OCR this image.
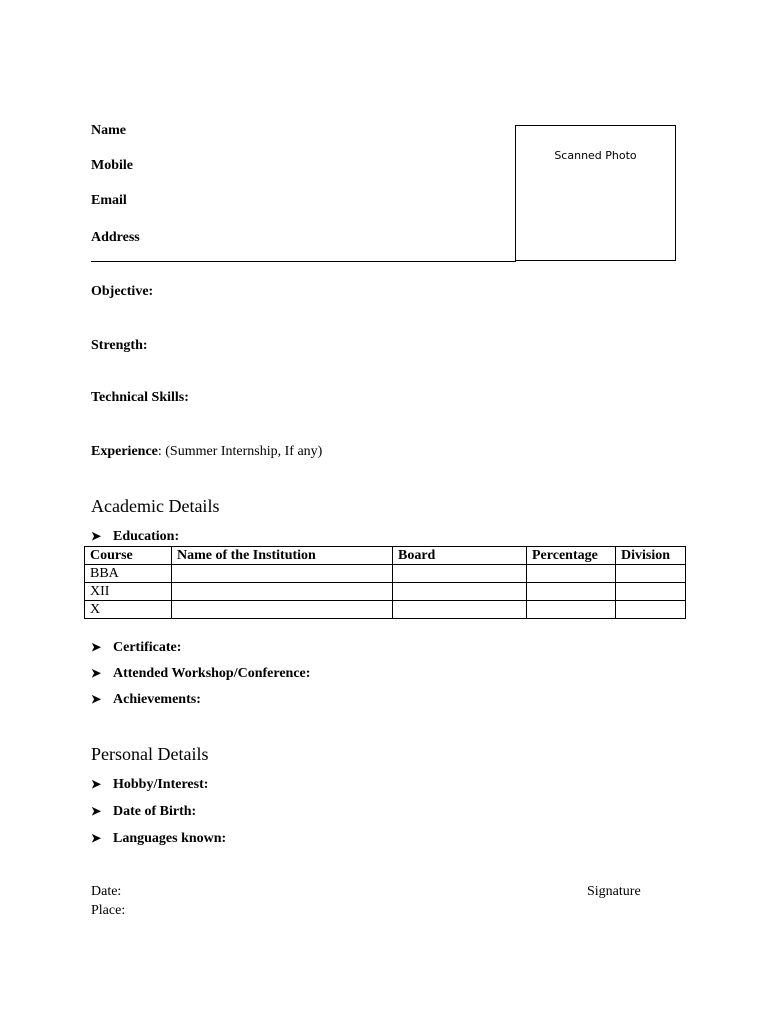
Name
Mobile
Email
Address
Scanned Photo
Objective:
Strength:
Technical Skills:
Experience: (Summer Internship, If any)
Academic Details
➤ Education:
Course	Name of the Institution	Board	Percentage	Division
BBA				
XII				
X				
➤ Certificate:
➤ Attended Workshop/Conference:
➤ Achievements:
Personal Details
➤ Hobby/Interest:
➤ Date of Birth:
➤ Languages known:
Date:
Place:
Signature
